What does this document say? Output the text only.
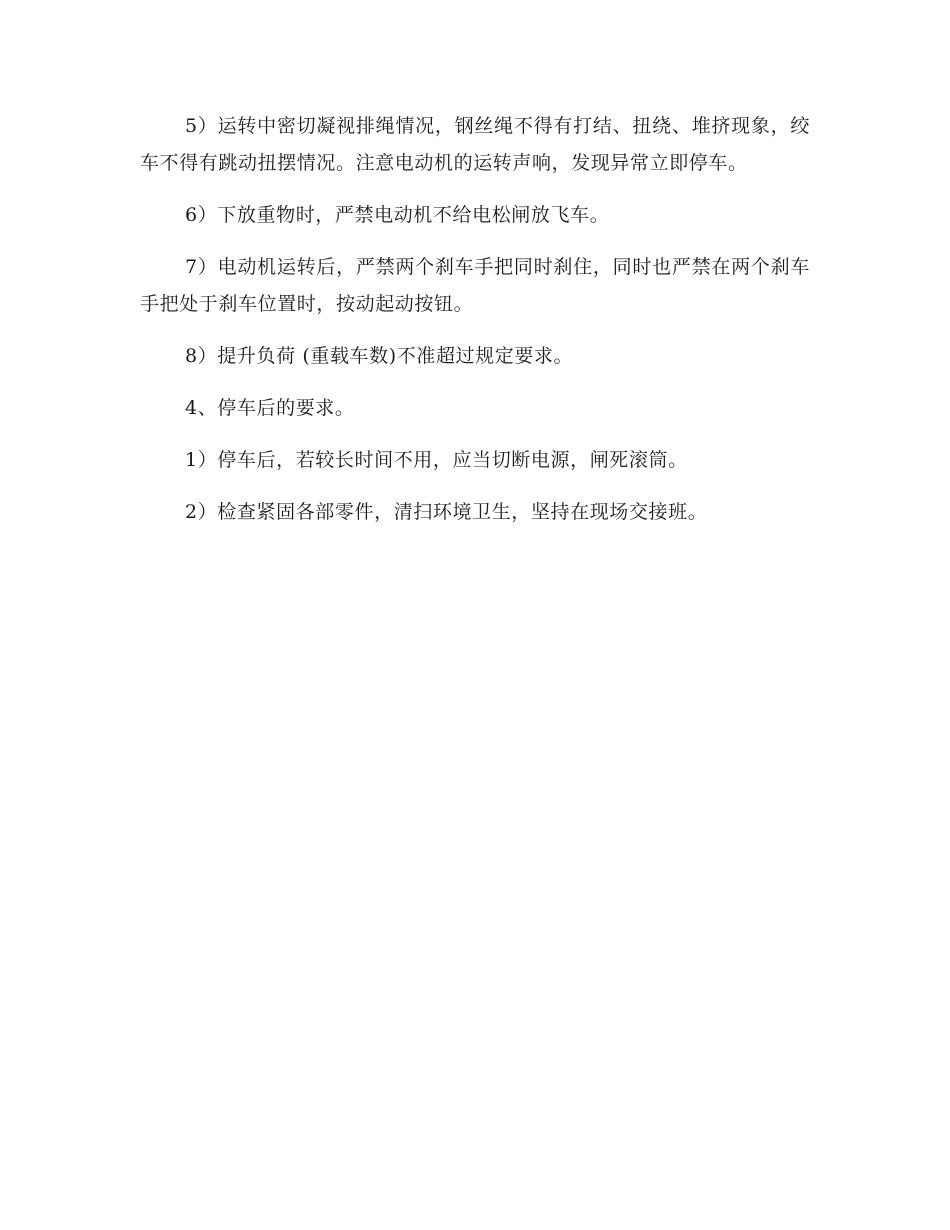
5）运转中密切凝视排绳情况，钢丝绳不得有打结、扭绕、堆挤现象，绞车不得有跳动扭摆情况。注意电动机的运转声响，发现异常立即停车。

6）下放重物时，严禁电动机不给电松闸放飞车。

7）电动机运转后，严禁两个刹车手把同时刹住，同时也严禁在两个刹车手把处于刹车位置时，按动起动按钮。

8）提升负荷 (重载车数)不准超过规定要求。

4、停车后的要求。

1）停车后，若较长时间不用，应当切断电源，闸死滚筒。

2）检查紧固各部零件，清扫环境卫生，坚持在现场交接班。
